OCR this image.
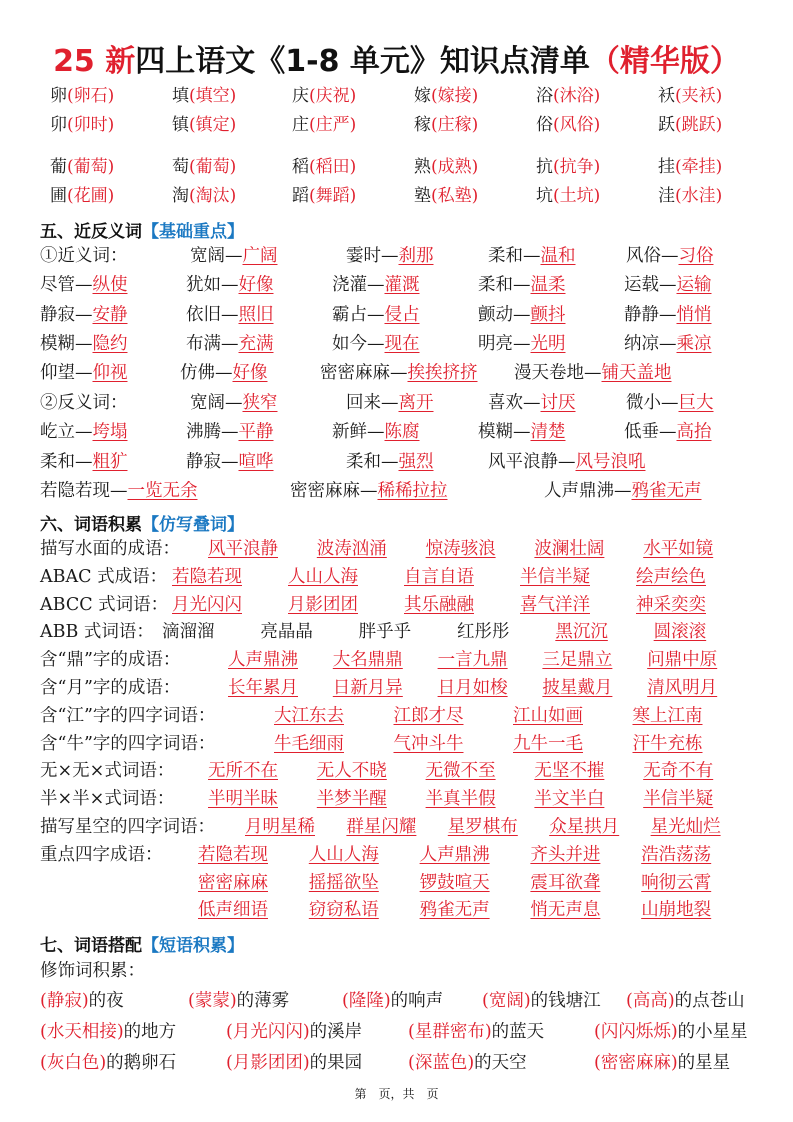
25 新四上语文《1-8 单元》知识点清单（精华版）
卵(卵石)	填(填空)	庆(庆祝)	嫁(嫁接)	浴(沐浴)	袄(夹袄)
卯(卯时)	镇(镇定)	庄(庄严)	稼(庄稼)	俗(风俗)	跃(跳跃)
葡(葡萄)	萄(葡萄)	稻(稻田)	熟(成熟)	抗(抗争)	挂(牵挂)
圃(花圃)	淘(淘汰)	蹈(舞蹈)	塾(私塾)	坑(土坑)	洼(水洼)
五、近反义词【基础重点】
①近义词：	宽阔—广阔	霎时—刹那	柔和—温和	风俗—习俗
尽管—纵使	犹如—好像	浇灌—灌溉	柔和—温柔	运载—运输
静寂—安静	依旧—照旧	霸占—侵占	颤动—颤抖	静静—悄悄
模糊—隐约	布满—充满	如今—现在	明亮—光明	纳凉—乘凉
仰望—仰视	仿佛—好像	密密麻麻—挨挨挤挤 漫天卷地—铺天盖地
②反义词：	宽阔—狭窄	回来—离开	喜欢—讨厌	微小—巨大
屹立—垮塌	沸腾—平静	新鲜—陈腐	模糊—清楚	低垂—高抬
柔和—粗犷	静寂—喧哗	柔和—强烈	风平浪静—风号浪吼
若隐若现—一览无余	密密麻麻—稀稀拉拉	人声鼎沸—鸦雀无声
六、词语积累【仿写叠词】
描写水面的成语： 风平浪静 波涛汹涌 惊涛骇浪 波澜壮阔 水平如镜
ABAC 式成语： 若隐若现	人山人海	自言自语	半信半疑	绘声绘色
ABCC 式词语： 月光闪闪	月影团团	其乐融融	喜气洋洋	神采奕奕
ABB 式词语： 滴溜溜	亮晶晶	胖乎乎	红彤彤	黑沉沉	圆滚滚
含“鼎”字的成语：	人声鼎沸 大名鼎鼎 一言九鼎 三足鼎立 问鼎中原
含“月”字的成语：	长年累月 日新月异 日月如梭 披星戴月 清风明月
含“江”字的四字词语：	大江东去	江郎才尽	江山如画	寒上江南
含“牛”字的四字词语：	牛毛细雨	气冲斗牛	九牛一毛	汗牛充栋
无×无×式词语： 无所不在 无人不晓 无微不至 无坚不摧 无奇不有
半×半×式词语： 半明半昧 半梦半醒 半真半假 半文半白 半信半疑
描写星空的四字词语： 月明星稀 群星闪耀 星罗棋布 众星拱月 星光灿烂
重点四字成语： 若隐若现 人山人海 人声鼎沸 齐头并进 浩浩荡荡
密密麻麻 摇摇欲坠 锣鼓喧天 震耳欲聋 响彻云霄
低声细语 窃窃私语 鸦雀无声 悄无声息 山崩地裂
七、词语搭配【短语积累】
修饰词积累：
(静寂)的夜	(蒙蒙)的薄雾	(隆隆)的响声 (宽阔)的钱塘江 (高高)的点苍山
(水天相接)的地方	(月光闪闪)的溪岸	(星群密布)的蓝天	(闪闪烁烁)的小星星
(灰白色)的鹅卵石	(月影团团)的果园	(深蓝色)的天空	(密密麻麻)的星星
第 页，共 页
